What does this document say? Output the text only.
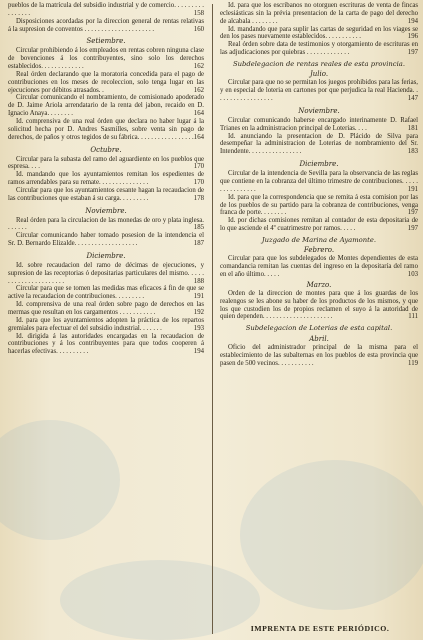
pueblos de la matrícula del subsidio industrial y de comercio. . . . . . . . . . . . . . . .	158
Disposiciones acordadas por la direccion general de rentas relativas á la supresion de conventos . . . . . . . . . . . . . . . . . . . . .	160
Setiembre.
Circular prohibiendo á los empleados en rentas cobren ninguna clase de bovenciones á los contribuyentes, sino solo los derechos establecidos. . . . . . . . . . . . .	162
Real órden declarando que la moratoria concedida para el pago de contribuciones en los meses de recoleccion, solo tenga lugar en las ejecuciones por débitos atrasados. .	162
Circular comunicando el nombramiento, de comisionado apoderado de D. Jaime Ariola arrendatario de la renta del jabon, recaido en D. Ignacio Anaya. . . . . . . .	164
Id. comprensiva de una real órden que declara no haber lugar á la solicitud hecha por D. Andres Sasmilles, sobre venta sin pago de derechos, de paños y otros tegidos de su fábrica. . . . . . . . . . . . . . . . . 164
Octubre.
Circular para la subasta del ramo del aguardiente en los pueblos que espresa. . . .	170
Id. mandando que los ayuntamientos remitan los espedientes de ramos arrendables para su remate. . . . . . . . . . . . . . .	170
Circular para que los ayuntamientos cesante hagan la recaudacion de las contribuciones que estaban á su carga. . . . . . . . .	178
Noviembre.
Real órden para la circulacion de las monedas de oro y plata inglesa. . . . . . .	185
Circular comunicando haber tomado posesion de la intendencia el Sr. D. Bernardo Elizalde. . . . . . . . . . . . . . . . . . .	187
Diciembre.
Id. sobre recaudacion del ramo de décimas de ejecuciones, y supresion de las receptorias ó depositarias particulares del mismo. . . . . . . . . . . . . . . . . . . . . .	188
Circular para que se tomen las medidas mas eficaces á fin de que se active la recaudacion de contribuciones. . . . . . . . .	191
Id. comprensiva de una real órden sobre pago de derechos en las mermas que resultan en los cargamentos . . . . . . . . . . .	192
Id. para que los ayuntamientos adopten la práctica de los repartos gremiales para efectuar el del subsidio industrial. . . . . . .	193
Id. dirigida á las autoridades encargadas en la recaudacion de contribuciones y á los contribuyentes para que todos cooperen á hacerlas efectivas. . . . . . . . . .	194
Id. para que los escribanos no otorguen escrituras de venta de fincas eclesiásticas sin la prévia presentacion de la carta de pago del derecho de alcabala . . . . . . . .	194
Id. mandando que para suplir las cartas de seguridad en los viages se den los pases nuevamente establecidos. . . . . . . . . . .	196
Real órden sobre data de testimonios y otorgamiento de escrituras en las adjudicaciones por quiebras . . . . . . . . . . . . .	197
Subdelegacion de rentas reales de esta provincia.
Julio.
Circular para que no se permitan los juegos prohibidos para las ferias, y en especial de loteria en cartones por que perjudica la real Hacienda. . . . . . . . . . . . . . . . . .	147
Noviembre.
Circular comunicando haberse encargado interinamente D. Rafael Trianes en la administracion principal de Loterias. . . .	181
Id. anunciando la presentacion de D. Plácido de Silva para desempeñar la administracion de Loterias de nombramiento del Sr. Intendente. . . . . . . . . . . . . . . .	183
Diciembre.
Circular de la intendencia de Sevilla para la observancia de las reglas que contiene en la cobranza del último trimestre de contribuciones. . . . . . . . . . . . . . . .	191
Id. para que la correspondencia que se remita á esta comision por las de los pueblos de su partido para la cobranza de contribuciones, venga franca de porte. . . . . . . .	197
Id. por dichas comisiones remitan al contador de esta depositaria de lo que asciende el 4º cuatrimestre por ramos. . . . .	197
Juzgado de Marina de Ayamonte.
Febrero.
Circular para que los subdelegados de Montes dependientes de esta comandancia remitan las cuentas del ingreso en la depositaría del ramo en el año último. . . . .	103
Marzo.
Orden de la direccion de montes para que á los guardas de los realengos se les abone su haber de los productos de los mismos, y que los que custodien los de propios reclamen el suyo á la autoridad de quien dependen. . . . . . . . . . . . . . . . . . . . .	111
Subdelegacion de Loterias de esta capital.
Abril.
Oficio del administrador principal de la misma para el establecimiento de las subalternas en los pueblos de esta provincia que pasen de 500 vecinos. . . . . . . . . . .	119
IMPRENTA DE ESTE PERIÓDICO.
